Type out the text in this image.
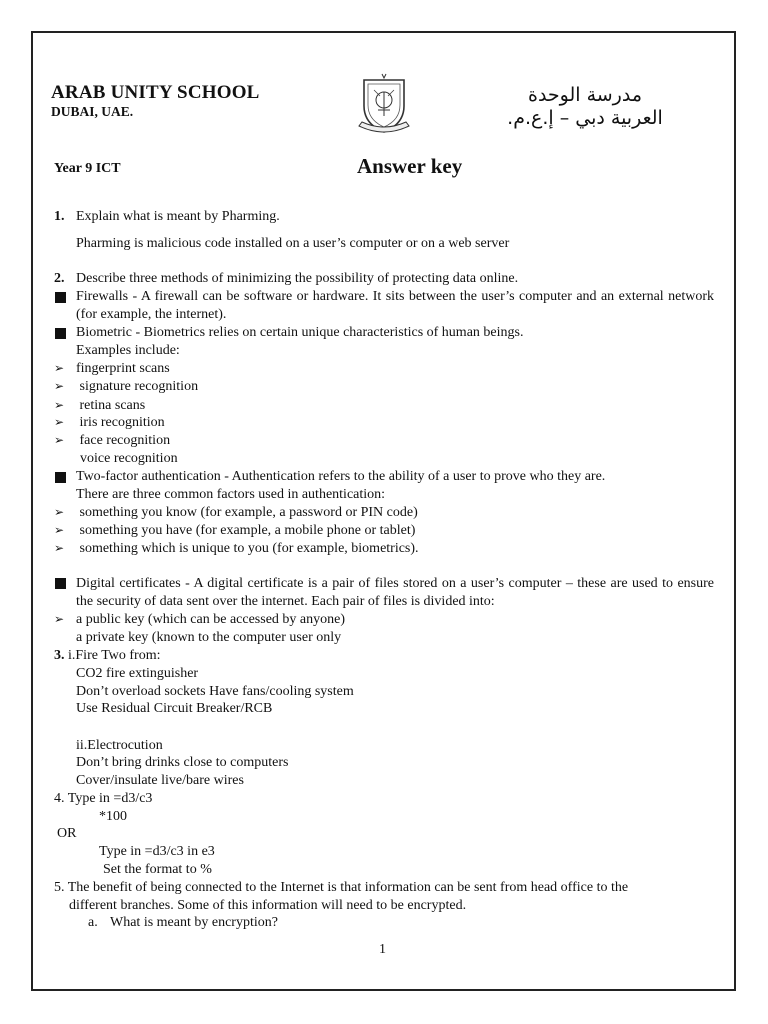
ARAB UNITY SCHOOL
DUBAI, UAE.
مدرسة الوحدة العربية دبي – إ.ع.م.
Year 9 ICT	Answer key
1. Explain what is meant by Pharming.
Pharming is malicious code installed on a user’s computer or on a web server
2. Describe three methods of minimizing the possibility of protecting data online.
Firewalls - A firewall can be software or hardware. It sits between the user’s computer and an external network (for example, the internet).
Biometric - Biometrics relies on certain unique characteristics of human beings.
Examples include:
➢ fingerprint scans
➢ signature recognition
➢ retina scans
➢ iris recognition
➢ face recognition
voice recognition
Two-factor authentication - Authentication refers to the ability of a user to prove who they are.
There are three common factors used in authentication:
➢ something you know (for example, a password or PIN code)
➢ something you have (for example, a mobile phone or tablet)
➢ something which is unique to you (for example, biometrics).
Digital certificates - A digital certificate is a pair of files stored on a user’s computer – these are used to ensure the security of data sent over the internet. Each pair of files is divided into:
➢ a public key (which can be accessed by anyone)
a private key (known to the computer user only
3. i.Fire Two from:
CO2 fire extinguisher
Don’t overload sockets Have fans/cooling system
Use Residual Circuit Breaker/RCB
ii.Electrocution
Don’t bring drinks close to computers
Cover/insulate live/bare wires
4. Type in =d3/c3
*100
OR
Type in =d3/c3 in e3
Set the format to %
5. The benefit of being connected to the Internet is that information can be sent from head office to the
different branches. Some of this information will need to be encrypted.
a. What is meant by encryption?
1
